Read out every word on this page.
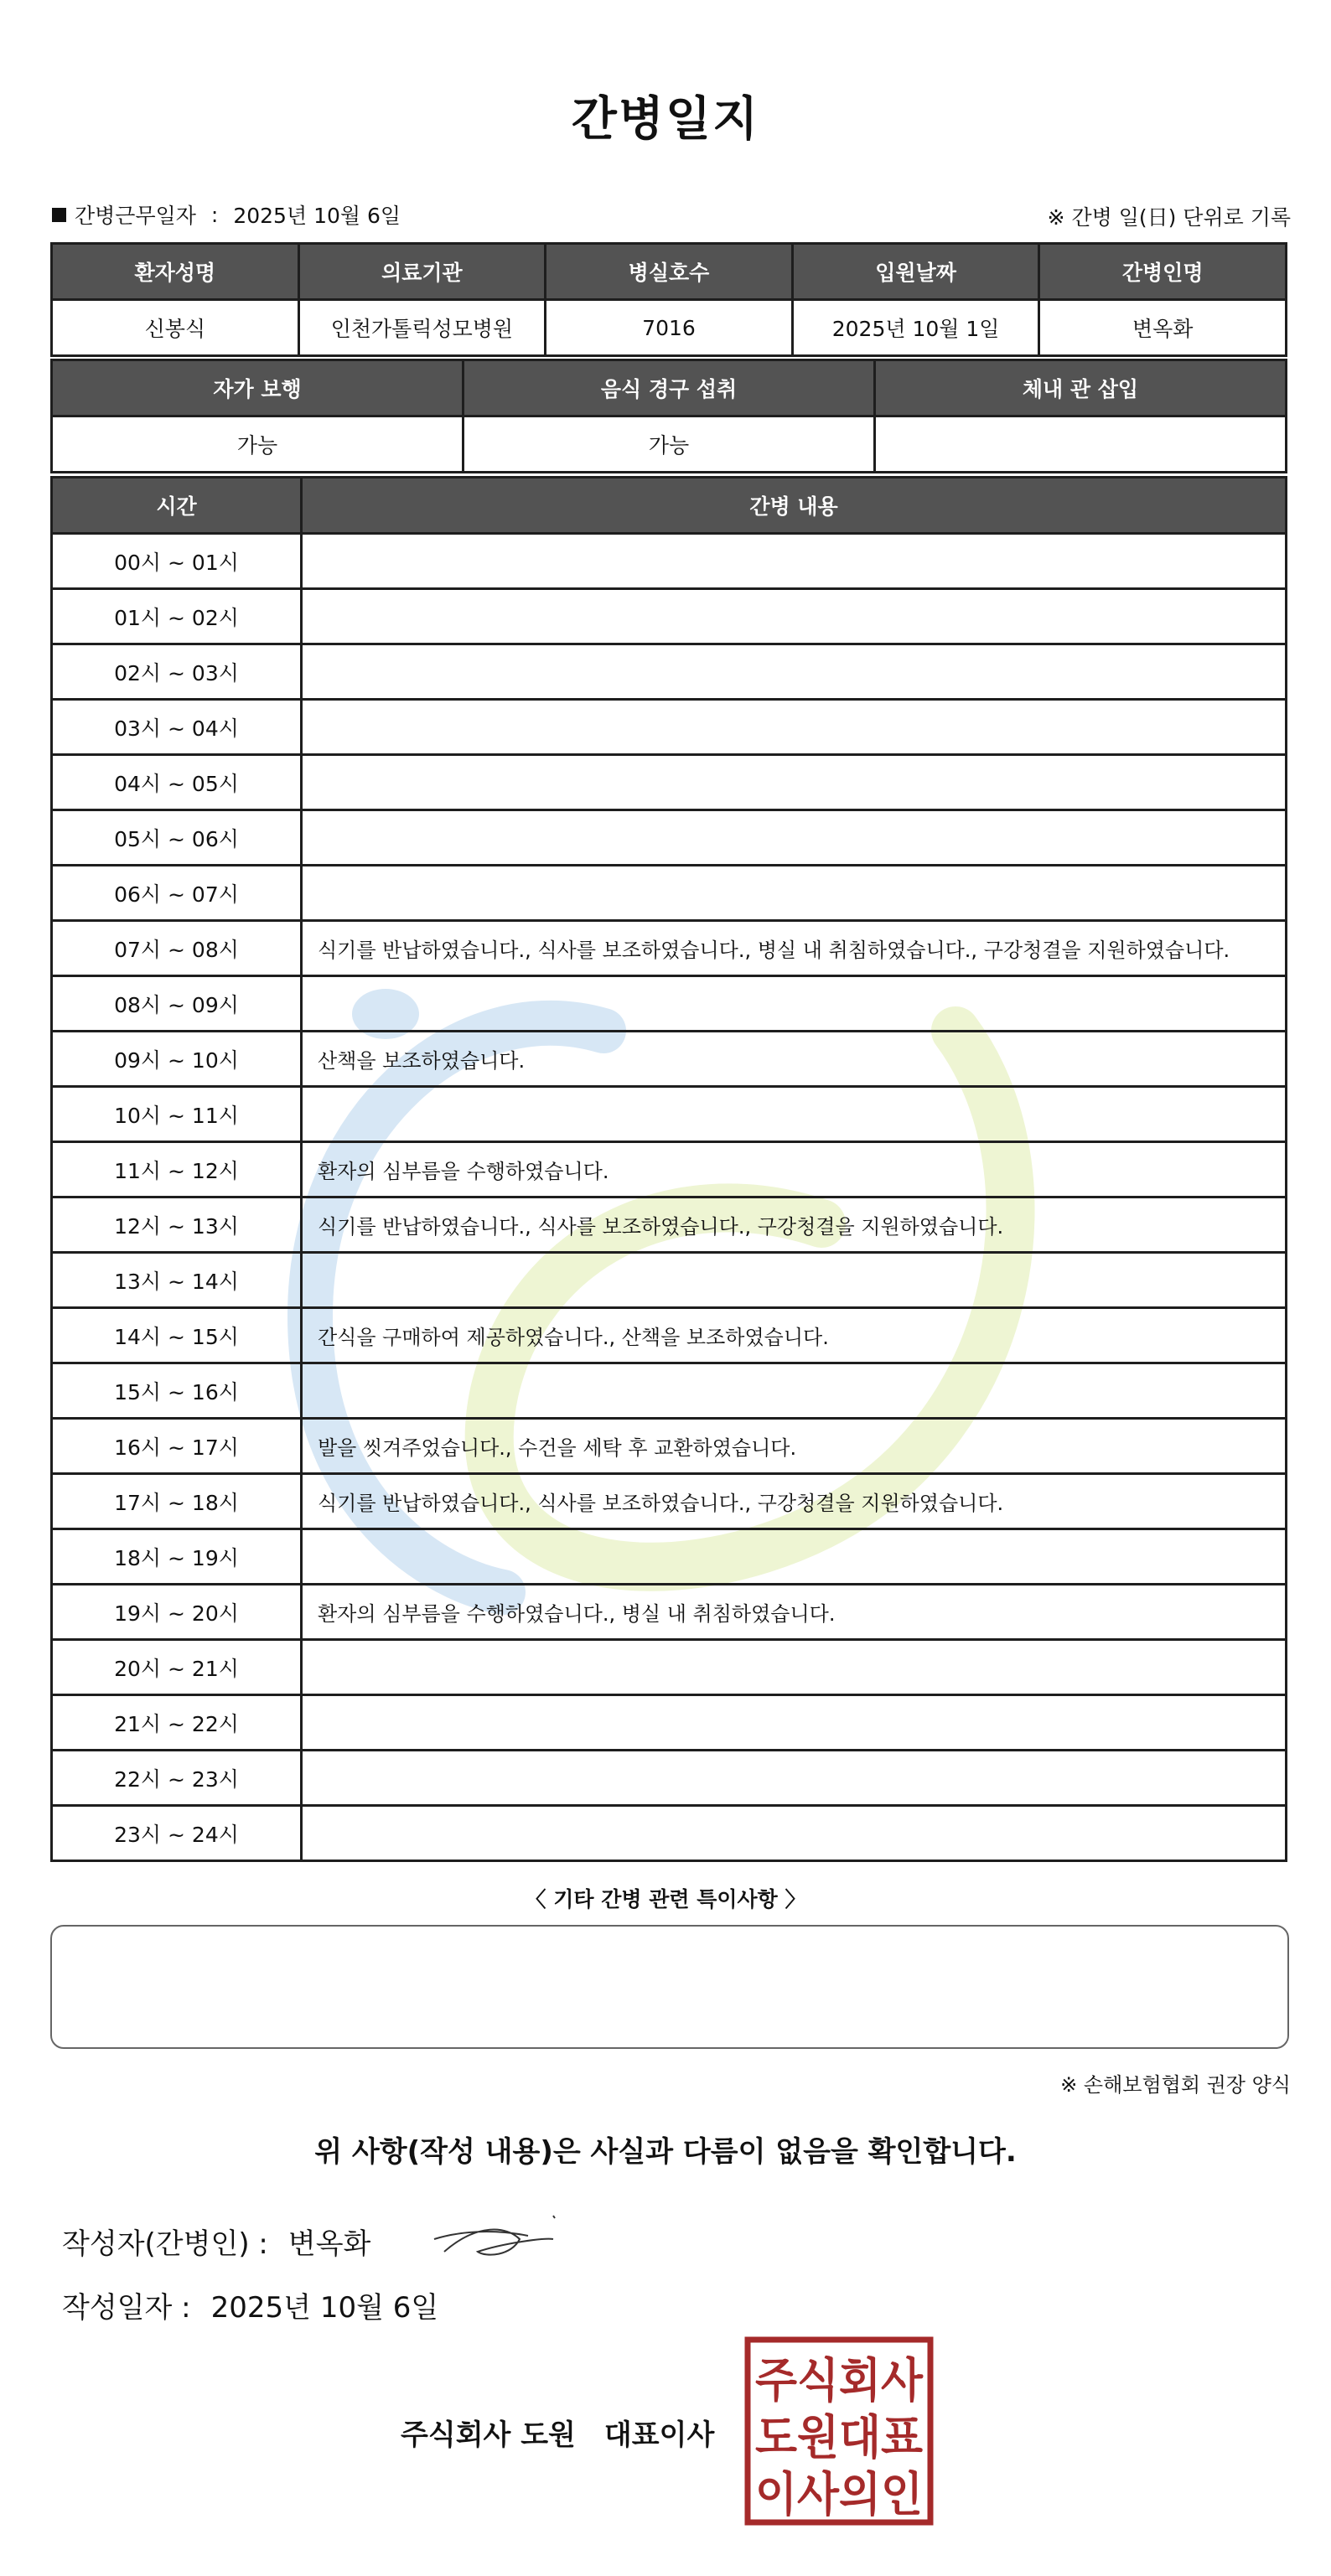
간병일지
간병근무일자 : 2025년 10월 6일	※ 간병 일(日) 단위로 기록
환자성명	의료기관	병실호수	입원날짜	간병인명
신봉식	인천가톨릭성모병원	7016	2025년 10월 1일	변옥화
자가 보행	음식 경구 섭취	체내 관 삽입
가능	가능	
시간	간병 내용
00시 ~ 01시	
01시 ~ 02시	
02시 ~ 03시	
03시 ~ 04시	
04시 ~ 05시	
05시 ~ 06시	
06시 ~ 07시	
07시 ~ 08시	식기를 반납하였습니다., 식사를 보조하였습니다., 병실 내 취침하였습니다., 구강청결을 지원하였습니다.
08시 ~ 09시	
09시 ~ 10시	산책을 보조하였습니다.
10시 ~ 11시	
11시 ~ 12시	환자의 심부름을 수행하였습니다.
12시 ~ 13시	식기를 반납하였습니다., 식사를 보조하였습니다., 구강청결을 지원하였습니다.
13시 ~ 14시	
14시 ~ 15시	간식을 구매하여 제공하였습니다., 산책을 보조하였습니다.
15시 ~ 16시	
16시 ~ 17시	발을 씻겨주었습니다., 수건을 세탁 후 교환하였습니다.
17시 ~ 18시	식기를 반납하였습니다., 식사를 보조하였습니다., 구강청결을 지원하였습니다.
18시 ~ 19시	
19시 ~ 20시	환자의 심부름을 수행하였습니다., 병실 내 취침하였습니다.
20시 ~ 21시	
21시 ~ 22시	
22시 ~ 23시	
23시 ~ 24시	
〈 기타 간병 관련 특이사항 〉
※ 손해보험협회 권장 양식
위 사항(작성 내용)은 사실과 다름이 없음을 확인합니다.
작성자(간병인) : 변옥화
작성일자 : 2025년 10월 6일
주식회사 도원 대표이사
주식회사
도원대표
이사의인
